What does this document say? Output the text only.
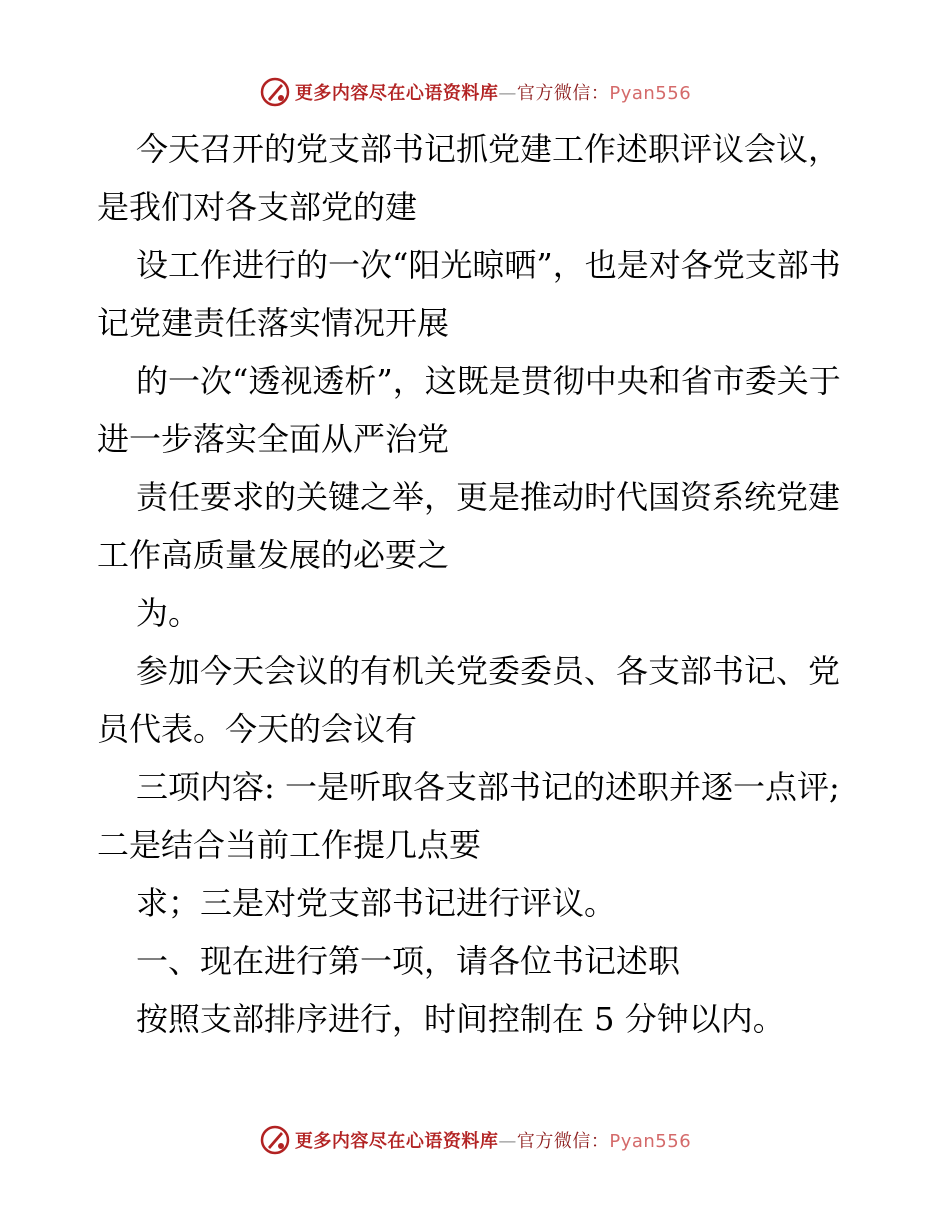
更多内容尽在心语资料库—官方微信：Pyan556

今天召开的党支部书记抓党建工作述职评议会议，是我们对各支部党的建

设工作进行的一次“阳光晾晒”，也是对各党支部书记党建责任落实情况开展

的一次“透视透析”，这既是贯彻中央和省市委关于进一步落实全面从严治党

责任要求的关键之举，更是推动时代国资系统党建工作高质量发展的必要之

为。

参加今天会议的有机关党委委员、各支部书记、党员代表。今天的会议有

三项内容: 一是听取各支部书记的述职并逐一点评; 二是结合当前工作提几点要

求；三是对党支部书记进行评议。

一、现在进行第一项，请各位书记述职

按照支部排序进行，时间控制在 5 分钟以内。

更多内容尽在心语资料库—官方微信：Pyan556
